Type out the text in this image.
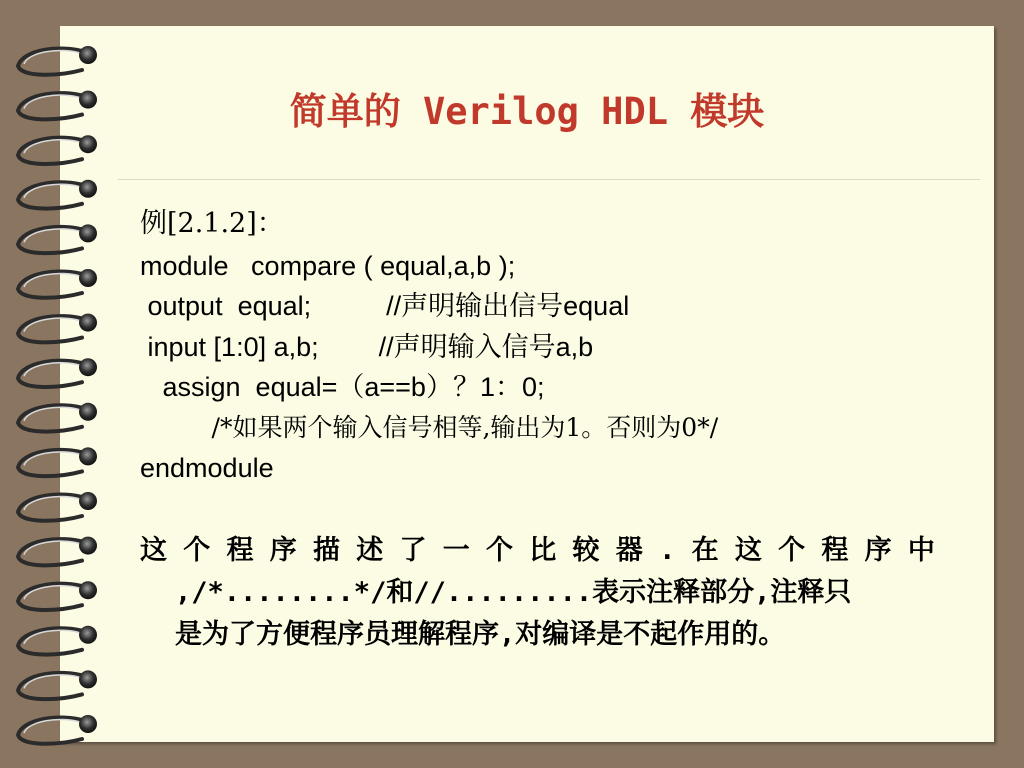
简单的 Verilog HDL 模块
例[2.1.2]：
module   compare ( equal,a,b );
output  equal;          //声明输出信号equal
input [1:0] a,b;        //声明输入信号a,b
assign  equal=（a==b）？1：0;
/*如果两个输入信号相等,输出为1。否则为0*/
endmodule
这 个 程 序 描 述 了 一 个 比 较 器 . 在 这 个 程 序 中
,/*........*/和//.........表示注释部分,注释只
是为了方便程序员理解程序,对编译是不起作用的。
